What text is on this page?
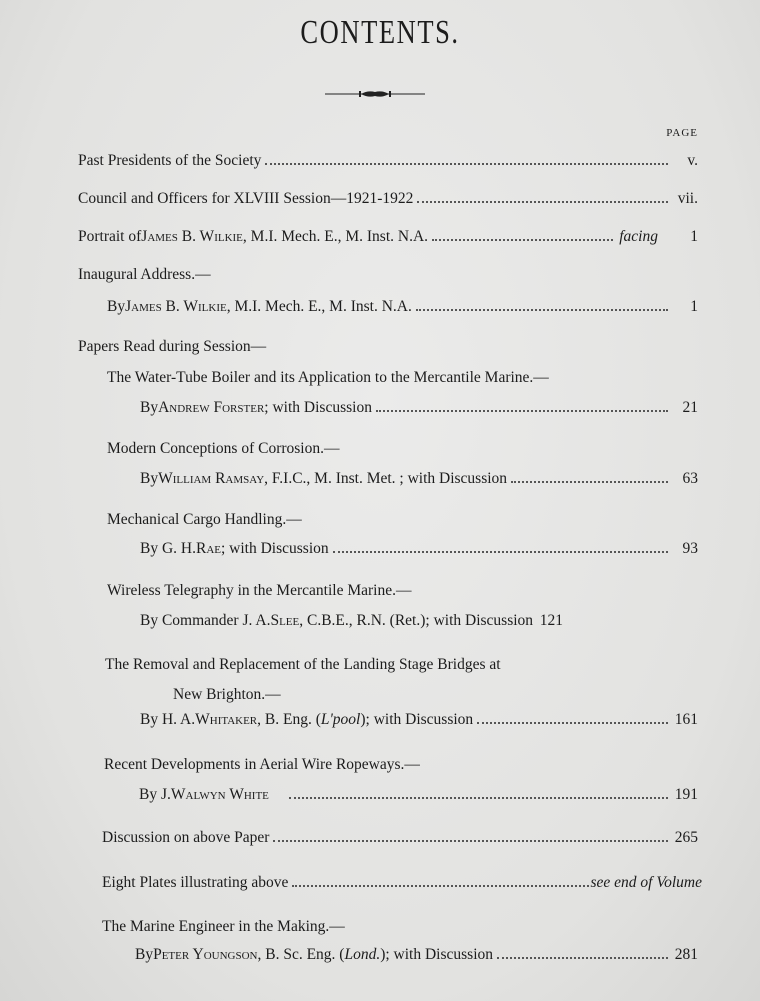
CONTENTS.
PAGE
Past Presidents of the Society	v.
Council and Officers for XLVIII Session—1921-1922	vii.
Portrait of James B. Wilkie , M.I. Mech. E., M. Inst. N.A.	facing	1
Inaugural Address.—
By James B. Wilkie , M.I. Mech. E., M. Inst. N.A.	1
Papers Read during Session—
The Water-Tube Boiler and its Application to the Mercantile Marine.—
By Andrew Forster ; with Discussion	21
Modern Conceptions of Corrosion.—
By William Ramsay , F.I.C., M. Inst. Met. ; with Discussion	63
Mechanical Cargo Handling.—
By G. H. Rae ; with Discussion	93
Wireless Telegraphy in the Mercantile Marine.—
By Commander J. A. Slee , C.B.E., R.N. (Ret.); with Discussion 121
The Removal and Replacement of the Landing Stage Bridges at
New Brighton.—
By H. A. Whitaker , B. Eng. ( L'pool ); with Discussion	161
Recent Developments in Aerial Wire Ropeways.—
By J. Walwyn White	191
Discussion on above Paper	265
Eight Plates illustrating above	see end of Volume
The Marine Engineer in the Making.—
By Peter Youngson , B. Sc. Eng. ( Lond. ); with Discussion	281
